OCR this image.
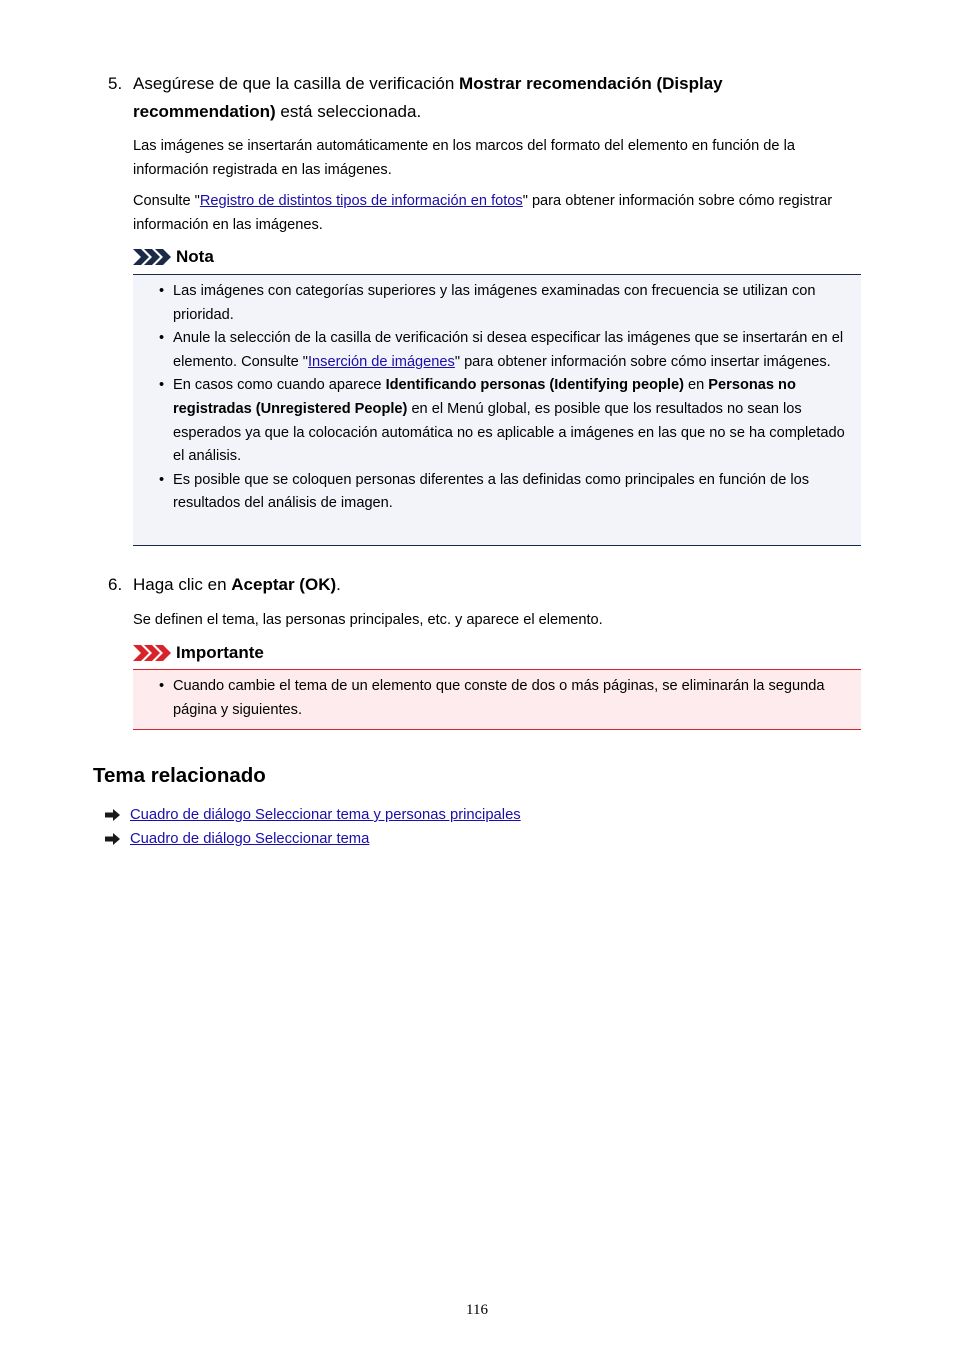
5. Asegúrese de que la casilla de verificación Mostrar recomendación (Display recommendation) está seleccionada.
Las imágenes se insertarán automáticamente en los marcos del formato del elemento en función de la información registrada en las imágenes.
Consulte "Registro de distintos tipos de información en fotos" para obtener información sobre cómo registrar información en las imágenes.
Nota
• Las imágenes con categorías superiores y las imágenes examinadas con frecuencia se utilizan con prioridad.
• Anule la selección de la casilla de verificación si desea especificar las imágenes que se insertarán en el elemento. Consulte "Inserción de imágenes" para obtener información sobre cómo insertar imágenes.
• En casos como cuando aparece Identificando personas (Identifying people) en Personas no registradas (Unregistered People) en el Menú global, es posible que los resultados no sean los esperados ya que la colocación automática no es aplicable a imágenes en las que no se ha completado el análisis.
• Es posible que se coloquen personas diferentes a las definidas como principales en función de los resultados del análisis de imagen.
6. Haga clic en Aceptar (OK).
Se definen el tema, las personas principales, etc. y aparece el elemento.
Importante
• Cuando cambie el tema de un elemento que conste de dos o más páginas, se eliminarán la segunda página y siguientes.
Tema relacionado
Cuadro de diálogo Seleccionar tema y personas principales
Cuadro de diálogo Seleccionar tema
116
